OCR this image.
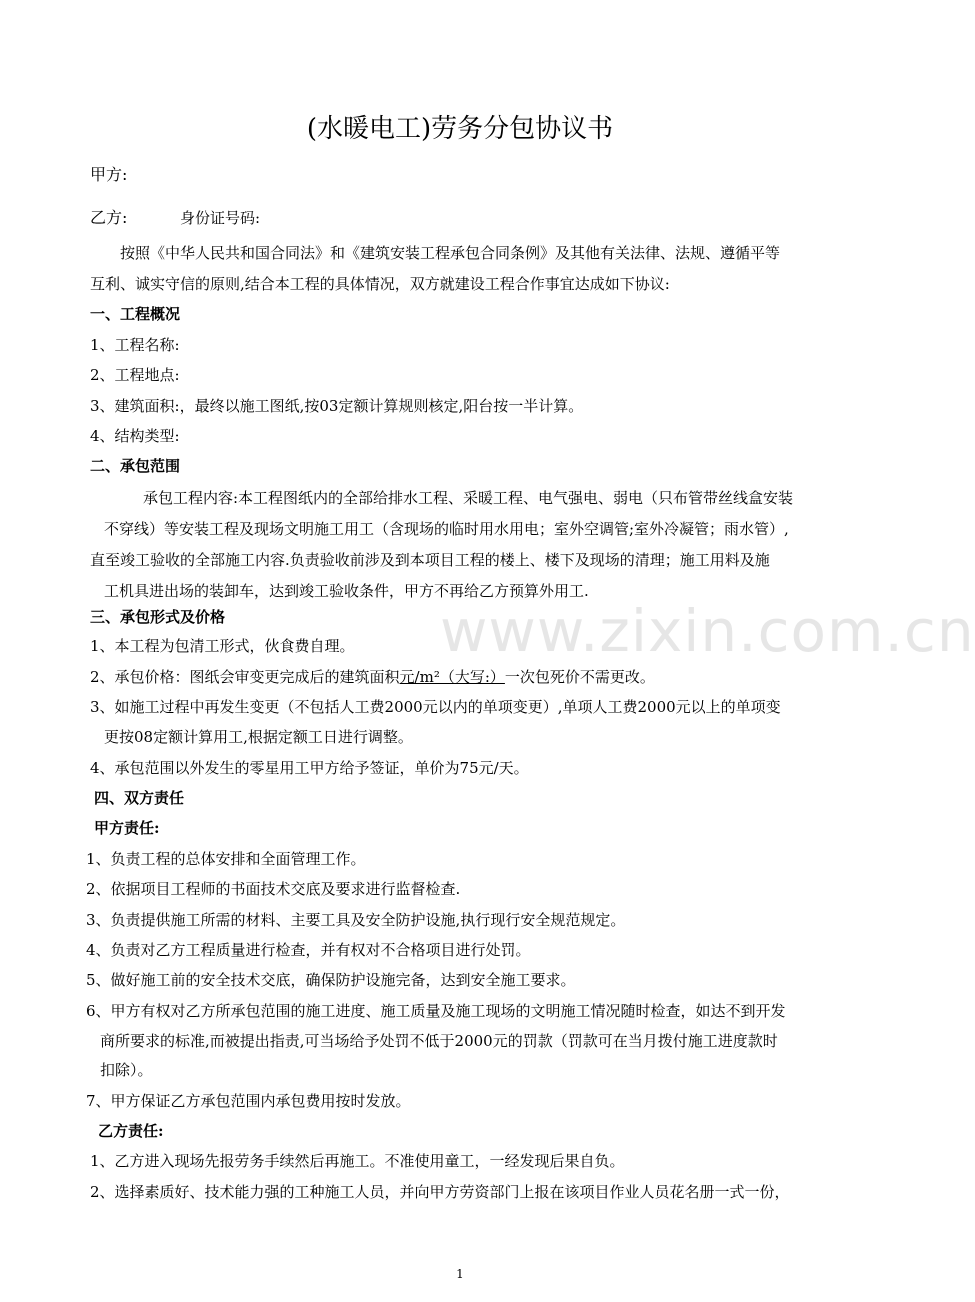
www.zixin.com.cn
(水暖电工)劳务分包协议书
甲方:
乙方:	身份证号码:
按照《中华人民共和国合同法》和《建筑安装工程承包合同条例》及其他有关法律、法规、遵循平等
互利、诚实守信的原则,结合本工程的具体情况，双方就建设工程合作事宜达成如下协议:
一、工程概况
1、工程名称:
2、工程地点:
3、建筑面积:，最终以施工图纸,按03定额计算规则核定,阳台按一半计算。
4、结构类型:
二、承包范围
承包工程内容:本工程图纸内的全部给排水工程、采暖工程、电气强电、弱电（只布管带丝线盒安装
不穿线）等安装工程及现场文明施工用工（含现场的临时用水用电；室外空调管;室外冷凝管；雨水管）,
直至竣工验收的全部施工内容.负责验收前涉及到本项目工程的楼上、楼下及现场的清理；施工用料及施
工机具进出场的装卸车，达到竣工验收条件，甲方不再给乙方预算外用工.
三、承包形式及价格
1、本工程为包清工形式，伙食费自理。
2、承包价格：图纸会审变更完成后的建筑面积元/m²（大写:）一次包死价不需更改。
3、如施工过程中再发生变更（不包括人工费2000元以内的单项变更）,单项人工费2000元以上的单项变
更按08定额计算用工,根据定额工日进行调整。
4、承包范围以外发生的零星用工甲方给予签证，单价为75元/天。
四、双方责任
甲方责任:
1、负责工程的总体安排和全面管理工作。
2、依据项目工程师的书面技术交底及要求进行监督检查.
3、负责提供施工所需的材料、主要工具及安全防护设施,执行现行安全规范规定。
4、负责对乙方工程质量进行检查，并有权对不合格项目进行处罚。
5、做好施工前的安全技术交底，确保防护设施完备，达到安全施工要求。
6、甲方有权对乙方所承包范围的施工进度、施工质量及施工现场的文明施工情况随时检查，如达不到开发
商所要求的标准,而被提出指责,可当场给予处罚不低于2000元的罚款（罚款可在当月拨付施工进度款时
扣除）。
7、甲方保证乙方承包范围内承包费用按时发放。
乙方责任:
1、乙方进入现场先报劳务手续然后再施工。不准使用童工，一经发现后果自负。
2、选择素质好、技术能力强的工种施工人员，并向甲方劳资部门上报在该项目作业人员花名册一式一份，
1
